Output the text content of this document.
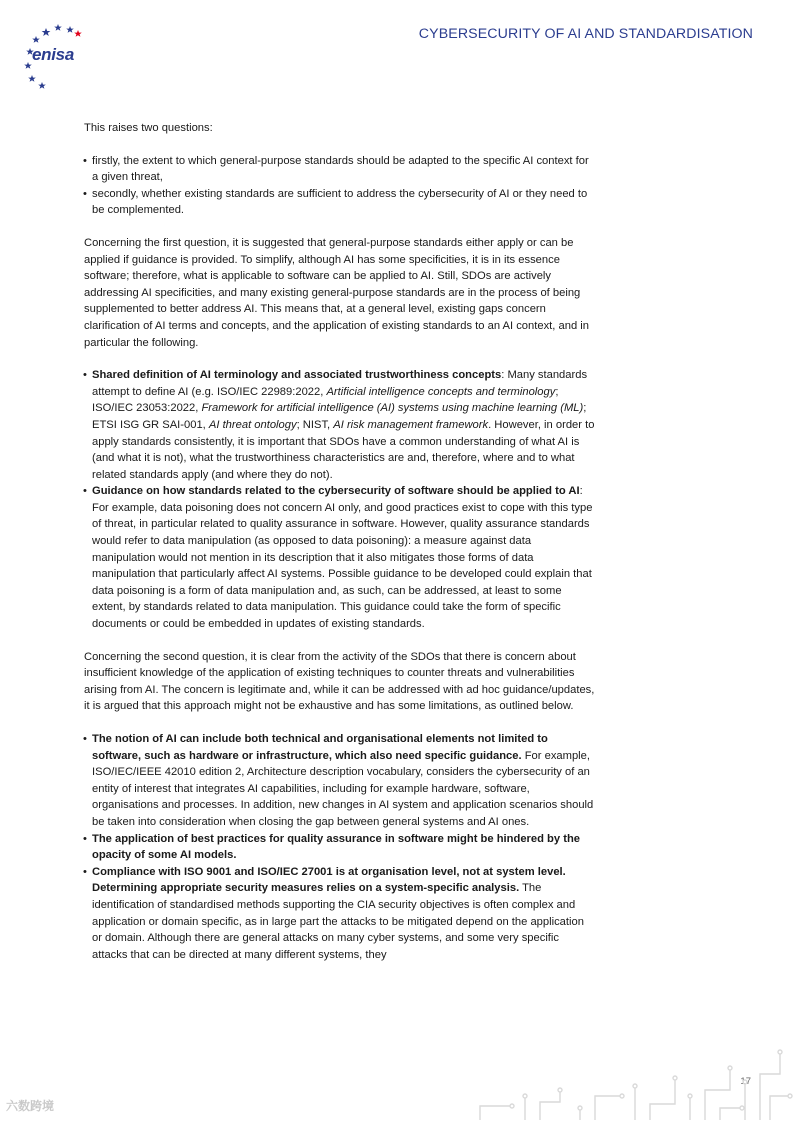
enisa
CYBERSECURITY OF AI AND STANDARDISATION

This raises two questions:

• firstly, the extent to which general-purpose standards should be adapted to the specific AI context for a given threat,
• secondly, whether existing standards are sufficient to address the cybersecurity of AI or they need to be complemented.

Concerning the first question, it is suggested that general-purpose standards either apply or can be applied if guidance is provided. To simplify, although AI has some specificities, it is in its essence software; therefore, what is applicable to software can be applied to AI. Still, SDOs are actively addressing AI specificities, and many existing general-purpose standards are in the process of being supplemented to better address AI. This means that, at a general level, existing gaps concern clarification of AI terms and concepts, and the application of existing standards to an AI context, and in particular the following.

• Shared definition of AI terminology and associated trustworthiness concepts: Many standards attempt to define AI (e.g. ISO/IEC 22989:2022, Artificial intelligence concepts and terminology; ISO/IEC 23053:2022, Framework for artificial intelligence (AI) systems using machine learning (ML); ETSI ISG GR SAI-001, AI threat ontology; NIST, AI risk management framework. However, in order to apply standards consistently, it is important that SDOs have a common understanding of what AI is (and what it is not), what the trustworthiness characteristics are and, therefore, where and to what related standards apply (and where they do not).
• Guidance on how standards related to the cybersecurity of software should be applied to AI: For example, data poisoning does not concern AI only, and good practices exist to cope with this type of threat, in particular related to quality assurance in software. However, quality assurance standards would refer to data manipulation (as opposed to data poisoning): a measure against data manipulation would not mention in its description that it also mitigates those forms of data manipulation that particularly affect AI systems. Possible guidance to be developed could explain that data poisoning is a form of data manipulation and, as such, can be addressed, at least to some extent, by standards related to data manipulation. This guidance could take the form of specific documents or could be embedded in updates of existing standards.

Concerning the second question, it is clear from the activity of the SDOs that there is concern about insufficient knowledge of the application of existing techniques to counter threats and vulnerabilities arising from AI. The concern is legitimate and, while it can be addressed with ad hoc guidance/updates, it is argued that this approach might not be exhaustive and has some limitations, as outlined below.

• The notion of AI can include both technical and organisational elements not limited to software, such as hardware or infrastructure, which also need specific guidance. For example, ISO/IEC/IEEE 42010 edition 2, Architecture description vocabulary, considers the cybersecurity of an entity of interest that integrates AI capabilities, including for example hardware, software, organisations and processes. In addition, new changes in AI system and application scenarios should be taken into consideration when closing the gap between general systems and AI ones.
• The application of best practices for quality assurance in software might be hindered by the opacity of some AI models.
• Compliance with ISO 9001 and ISO/IEC 27001 is at organisation level, not at system level. Determining appropriate security measures relies on a system-specific analysis. The identification of standardised methods supporting the CIA security objectives is often complex and application or domain specific, as in large part the attacks to be mitigated depend on the application or domain. Although there are general attacks on many cyber systems, and some very specific attacks that can be directed at many different systems, they
17
六数跨境
